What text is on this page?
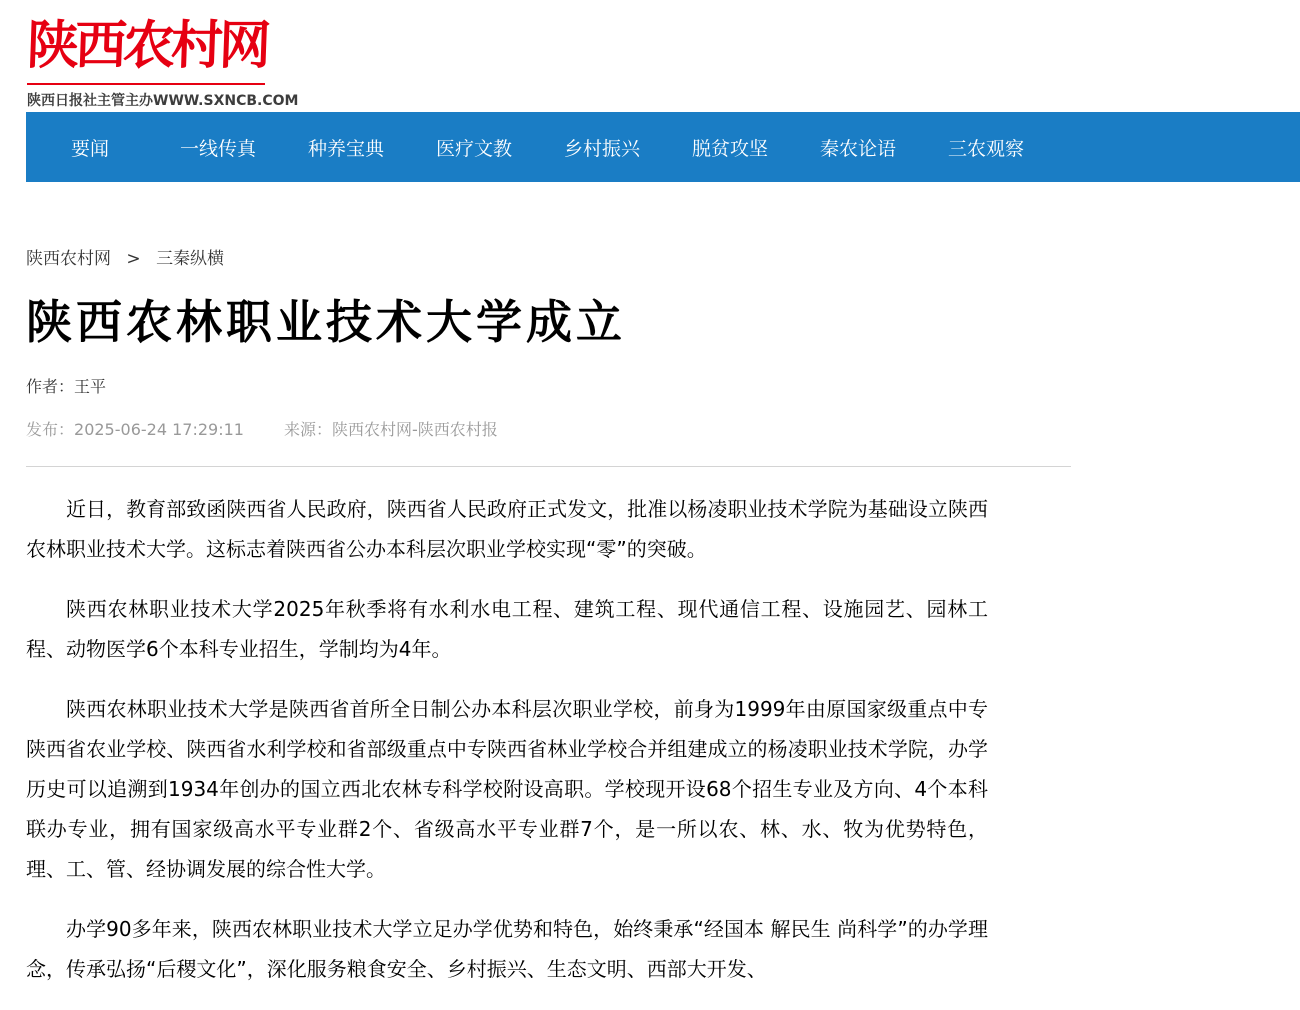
陕西农村网
陕西日报社主管主办 WWW.SXNCB.COM
要闻	一线传真	种养宝典	医疗文教	乡村振兴	脱贫攻坚	秦农论语	三农观察
陕西农村网 > 三秦纵横
陕西农林职业技术大学成立
作者：王平
发布：2025-06-24 17:29:11	来源：陕西农村网-陕西农村报

近日，教育部致函陕西省人民政府，陕西省人民政府正式发文，批准以杨凌职业技术学院为基础设立陕西农林职业技术大学。这标志着陕西省公办本科层次职业学校实现“零”的突破。

陕西农林职业技术大学2025年秋季将有水利水电工程、建筑工程、现代通信工程、设施园艺、园林工程、动物医学6个本科专业招生，学制均为4年。

陕西农林职业技术大学是陕西省首所全日制公办本科层次职业学校，前身为1999年由原国家级重点中专陕西省农业学校、陕西省水利学校和省部级重点中专陕西省林业学校合并组建成立的杨凌职业技术学院，办学历史可以追溯到1934年创办的国立西北农林专科学校附设高职。学校现开设68个招生专业及方向、4个本科联办专业，拥有国家级高水平专业群2个、省级高水平专业群7个，是一所以农、林、水、牧为优势特色，理、工、管、经协调发展的综合性大学。

办学90多年来，陕西农林职业技术大学立足办学优势和特色，始终秉承“经国本 解民生 尚科学”的办学理念，传承弘扬“后稷文化”，深化服务粮食安全、乡村振兴、生态文明、西部大开发、
